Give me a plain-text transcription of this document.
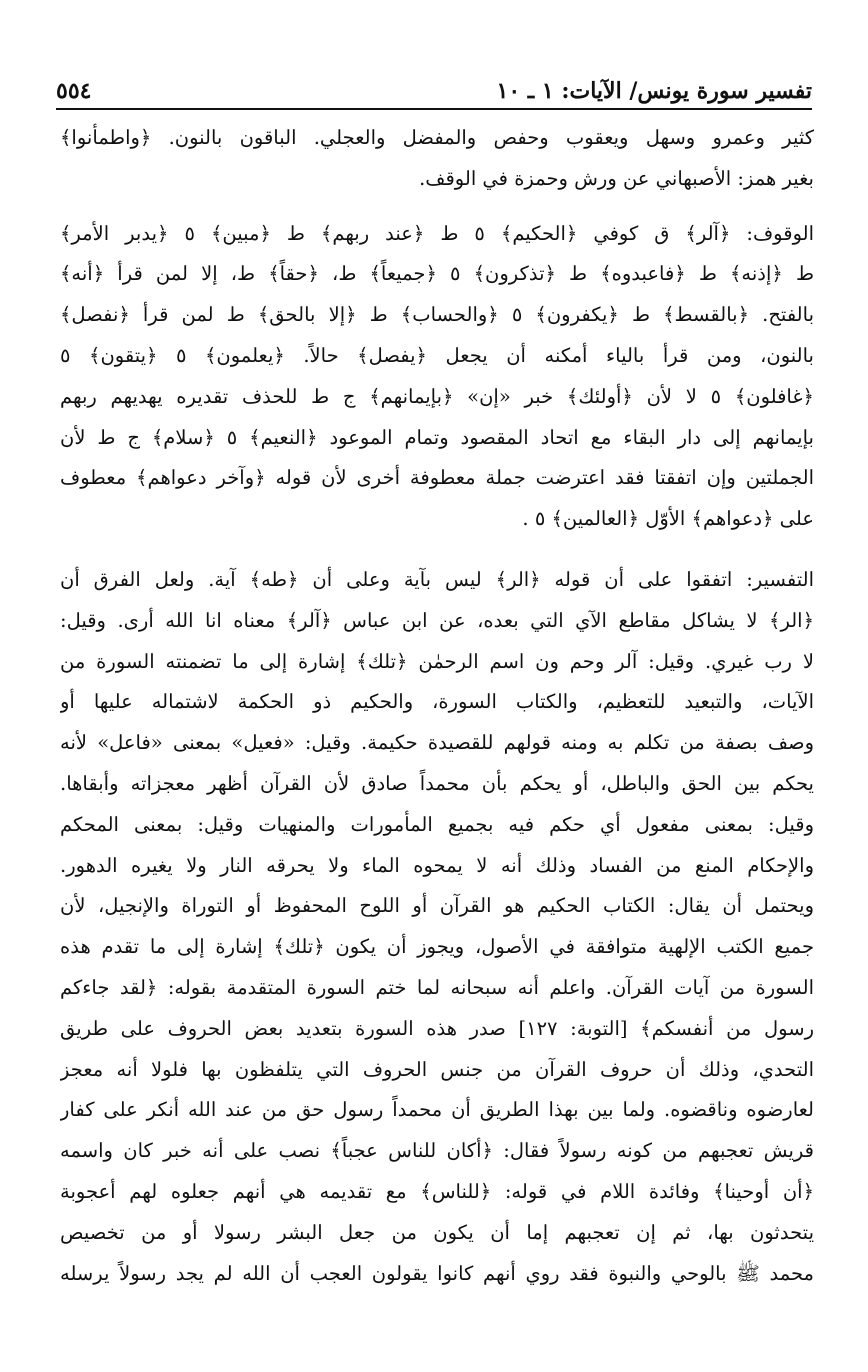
تفسير سورة يونس/ الآيات: ١ ـ ١٠
٥٥٤

كثير وعمرو وسهل ويعقوب وحفص والمفضل والعجلي. الباقون بالنون. ﴿واطمأنوا﴾

بغير همز: الأصبهاني عن ورش وحمزة في الوقف.

الوقوف: ﴿آلر﴾ ق كوفي ﴿الحكيم﴾ ٥ ط ﴿عند ربهم﴾ ط ﴿مبين﴾ ٥ ﴿يدبر الأمر﴾

ط ﴿إذنه﴾ ط ﴿فاعبدوه﴾ ط ﴿تذكرون﴾ ٥ ﴿جميعاً﴾ ط، ﴿حقاً﴾ ط، إلا لمن قرأ ﴿أنه﴾

بالفتح. ﴿بالقسط﴾ ط ﴿يكفرون﴾ ٥ ﴿والحساب﴾ ط ﴿إلا بالحق﴾ ط لمن قرأ ﴿نفصل﴾

بالنون، ومن قرأ بالياء أمكنه أن يجعل ﴿يفصل﴾ حالاً. ﴿يعلمون﴾ ٥ ﴿يتقون﴾ ٥

﴿غافلون﴾ ٥ لا لأن ﴿أولئك﴾ خبر «إن» ﴿بإيمانهم﴾ ج ط للحذف تقديره يهديهم ربهم

بإيمانهم إلى دار البقاء مع اتحاد المقصود وتمام الموعود ﴿النعيم﴾ ٥ ﴿سلام﴾ ج ط لأن

الجملتين وإن اتفقتا فقد اعترضت جملة معطوفة أخرى لأن قوله ﴿وآخر دعواهم﴾ معطوف

على ﴿دعواهم﴾ الأوّل ﴿العالمين﴾ ٥ .

التفسير: اتفقوا على أن قوله ﴿الر﴾ ليس بآية وعلى أن ﴿طه﴾ آية. ولعل الفرق أن

﴿الر﴾ لا يشاكل مقاطع الآي التي بعده، عن ابن عباس ﴿آلر﴾ معناه انا الله أرى. وقيل:

لا رب غيري. وقيل: آلر وحم ون اسم الرحمٰن ﴿تلك﴾ إشارة إلى ما تضمنته السورة من

الآيات، والتبعيد للتعظيم، والكتاب السورة، والحكيم ذو الحكمة لاشتماله عليها أو

وصف بصفة من تكلم به ومنه قولهم للقصيدة حكيمة. وقيل: «فعيل» بمعنى «فاعل» لأنه

يحكم بين الحق والباطل، أو يحكم بأن محمداً صادق لأن القرآن أظهر معجزاته وأبقاها.

وقيل: بمعنى مفعول أي حكم فيه بجميع المأمورات والمنهيات وقيل: بمعنى المحكم

والإحكام المنع من الفساد وذلك أنه لا يمحوه الماء ولا يحرقه النار ولا يغيره الدهور.

ويحتمل أن يقال: الكتاب الحكيم هو القرآن أو اللوح المحفوظ أو التوراة والإنجيل، لأن

جميع الكتب الإلهية متوافقة في الأصول، ويجوز أن يكون ﴿تلك﴾ إشارة إلى ما تقدم هذه

السورة من آيات القرآن. واعلم أنه سبحانه لما ختم السورة المتقدمة بقوله: ﴿لقد جاءكم

رسول من أنفسكم﴾ [التوبة: ١٢٧] صدر هذه السورة بتعديد بعض الحروف على طريق

التحدي، وذلك أن حروف القرآن من جنس الحروف التي يتلفظون بها فلولا أنه معجز

لعارضوه وناقضوه. ولما بين بهذا الطريق أن محمداً رسول حق من عند الله أنكر على كفار

قريش تعجبهم من كونه رسولاً فقال: ﴿أكان للناس عجباً﴾ نصب على أنه خبر كان واسمه

﴿أن أوحينا﴾ وفائدة اللام في قوله: ﴿للناس﴾ مع تقديمه هي أنهم جعلوه لهم أعجوبة

يتحدثون بها، ثم إن تعجبهم إما أن يكون من جعل البشر رسولا أو من تخصيص

محمد ﷺ بالوحي والنبوة فقد روي أنهم كانوا يقولون العجب أن الله لم يجد رسولاً يرسله
